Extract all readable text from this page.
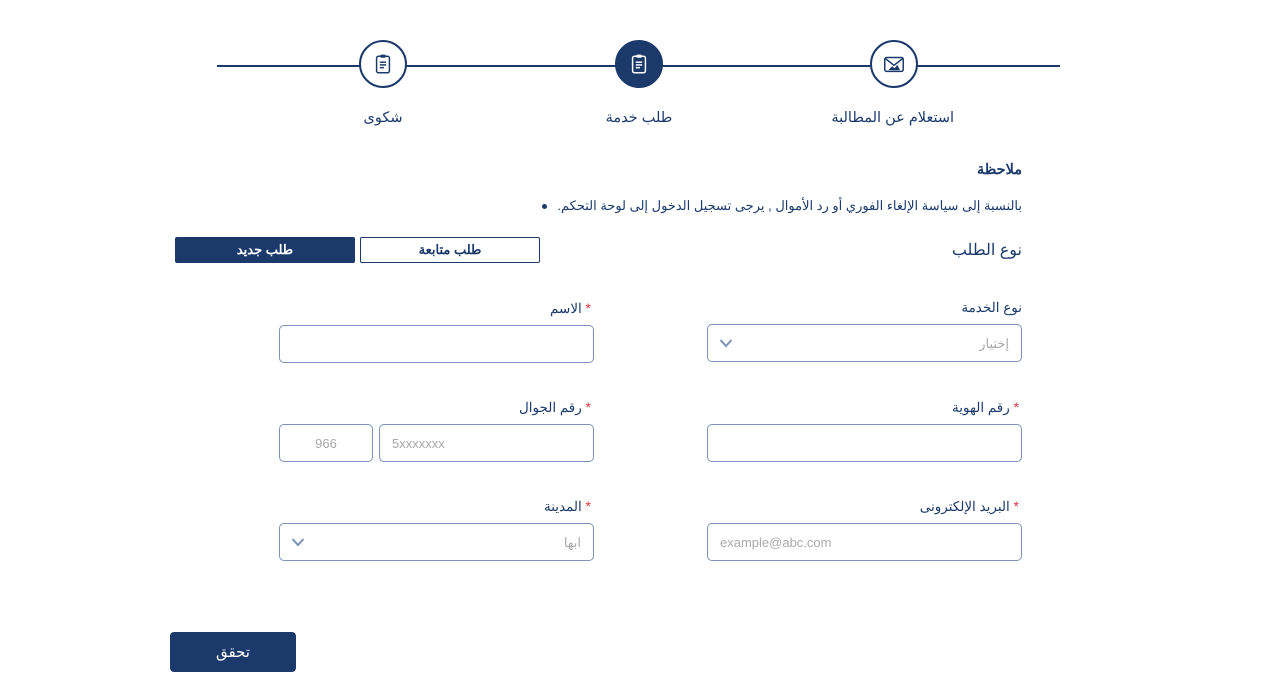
شكوى	طلب خدمة	استعلام عن المطالبة
ملاحظة
بالنسبة إلى سياسة الإلغاء الفوري أو رد الأموال , يرجى تسجيل الدخول إلى لوحة التحكم.
نوع الطلب
طلب متابعة
طلب جديد
نوع الخدمة
إختيار
* الاسم
* رقم الهوية
* رقم الجوال
5xxxxxxx
966
* البريد الإلكترونى
example@abc.com
* المدينة
ابها
تحقق
